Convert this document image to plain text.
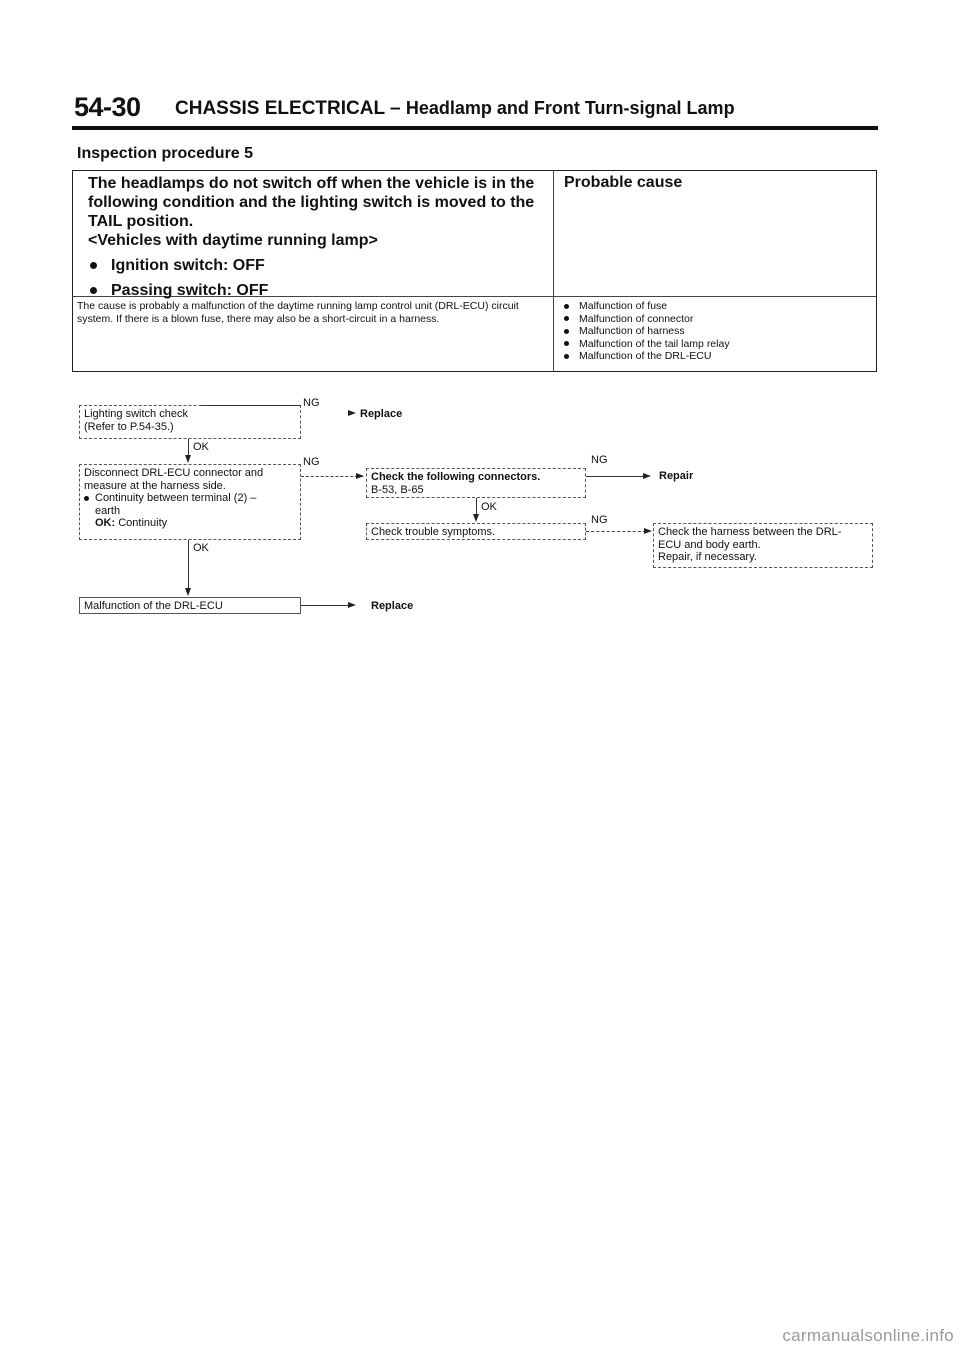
54-30 CHASSIS ELECTRICAL – Headlamp and Front Turn-signal Lamp
Inspection procedure 5
The headlamps do not switch off when the vehicle is in the
following condition and the lighting switch is moved to the
TAIL position.
<Vehicles with daytime running lamp>
Ignition switch: OFF
Passing switch: OFF
Probable cause
The cause is probably a malfunction of the daytime running lamp control unit (DRL-ECU) circuit system. If there is a blown fuse, there may also be a short-circuit in a harness.
Malfunction of fuse
Malfunction of connector
Malfunction of harness
Malfunction of the tail lamp relay
Malfunction of the DRL-ECU
Lighting switch check
(Refer to P.54-35.)
NG
Replace
OK
Disconnect DRL-ECU connector and
measure at the harness side.
Continuity between terminal (2) –
earth
OK: Continuity
NG
Check the following connectors.
B-53, B-65
NG
Repair
OK
Check trouble symptoms.
NG
Check the harness between the DRL-
ECU and body earth.
Repair, if necessary.
OK
Malfunction of the DRL-ECU	Replace
carmanualsonline.info
